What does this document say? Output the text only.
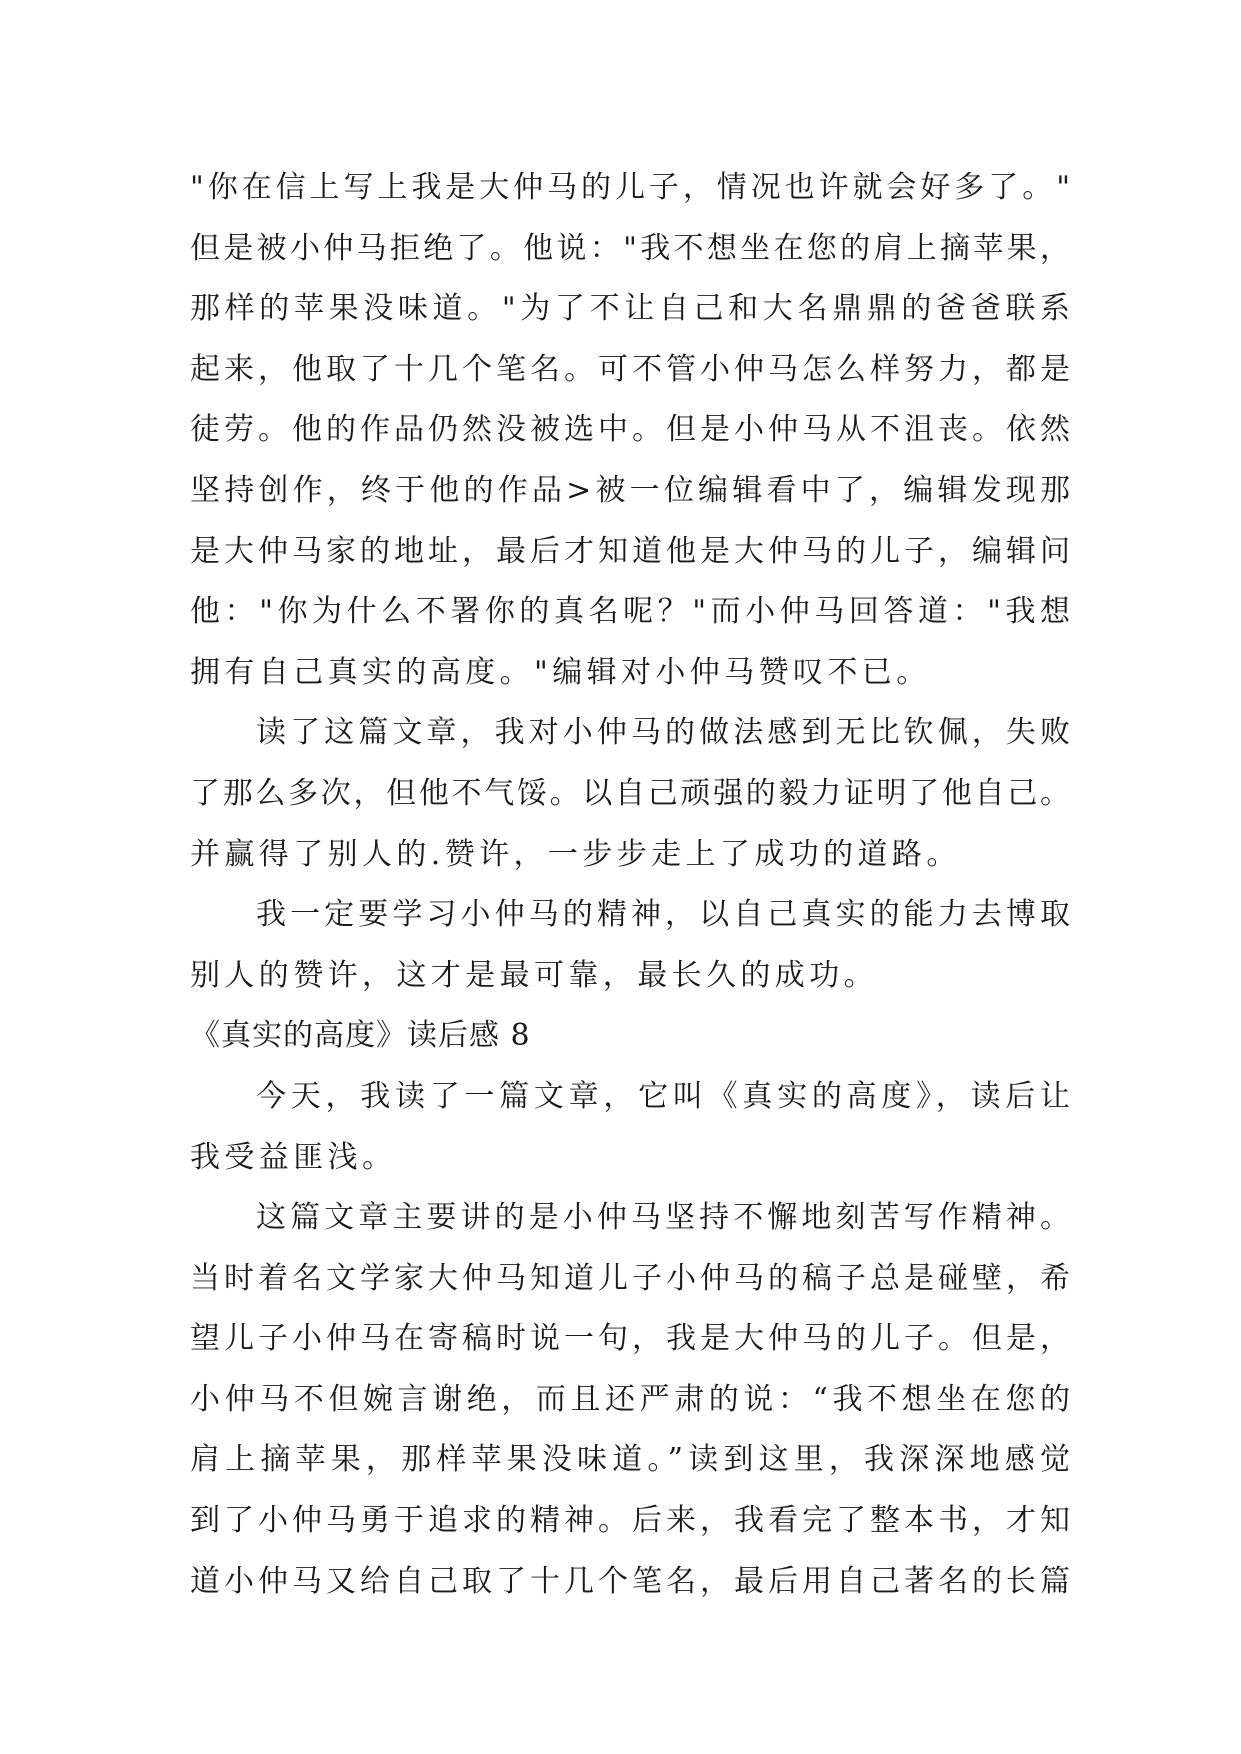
"你在信上写上我是大仲马的儿子，情况也许就会好多了。"
但是被小仲马拒绝了。他说："我不想坐在您的肩上摘苹果，
那样的苹果没味道。"为了不让自己和大名鼎鼎的爸爸联系
起来，他取了十几个笔名。可不管小仲马怎么样努力，都是
徒劳。他的作品仍然没被选中。但是小仲马从不沮丧。依然
坚持创作，终于他的作品>被一位编辑看中了，编辑发现那
是大仲马家的地址，最后才知道他是大仲马的儿子，编辑问
他："你为什么不署你的真名呢？"而小仲马回答道："我想
拥有自己真实的高度。"编辑对小仲马赞叹不已。
读了这篇文章，我对小仲马的做法感到无比钦佩，失败
了那么多次，但他不气馁。以自己顽强的毅力证明了他自己。
并赢得了别人的.赞许，一步步走上了成功的道路。
我一定要学习小仲马的精神，以自己真实的能力去博取
别人的赞许，这才是最可靠，最长久的成功。
《真实的高度》读后感 8
今天，我读了一篇文章，它叫《真实的高度》，读后让
我受益匪浅。
这篇文章主要讲的是小仲马坚持不懈地刻苦写作精神。
当时着名文学家大仲马知道儿子小仲马的稿子总是碰壁，希
望儿子小仲马在寄稿时说一句，我是大仲马的儿子。但是，
小仲马不但婉言谢绝，而且还严肃的说：“我不想坐在您的
肩上摘苹果，那样苹果没味道。”读到这里，我深深地感觉
到了小仲马勇于追求的精神。后来，我看完了整本书，才知
道小仲马又给自己取了十几个笔名，最后用自己著名的长篇
